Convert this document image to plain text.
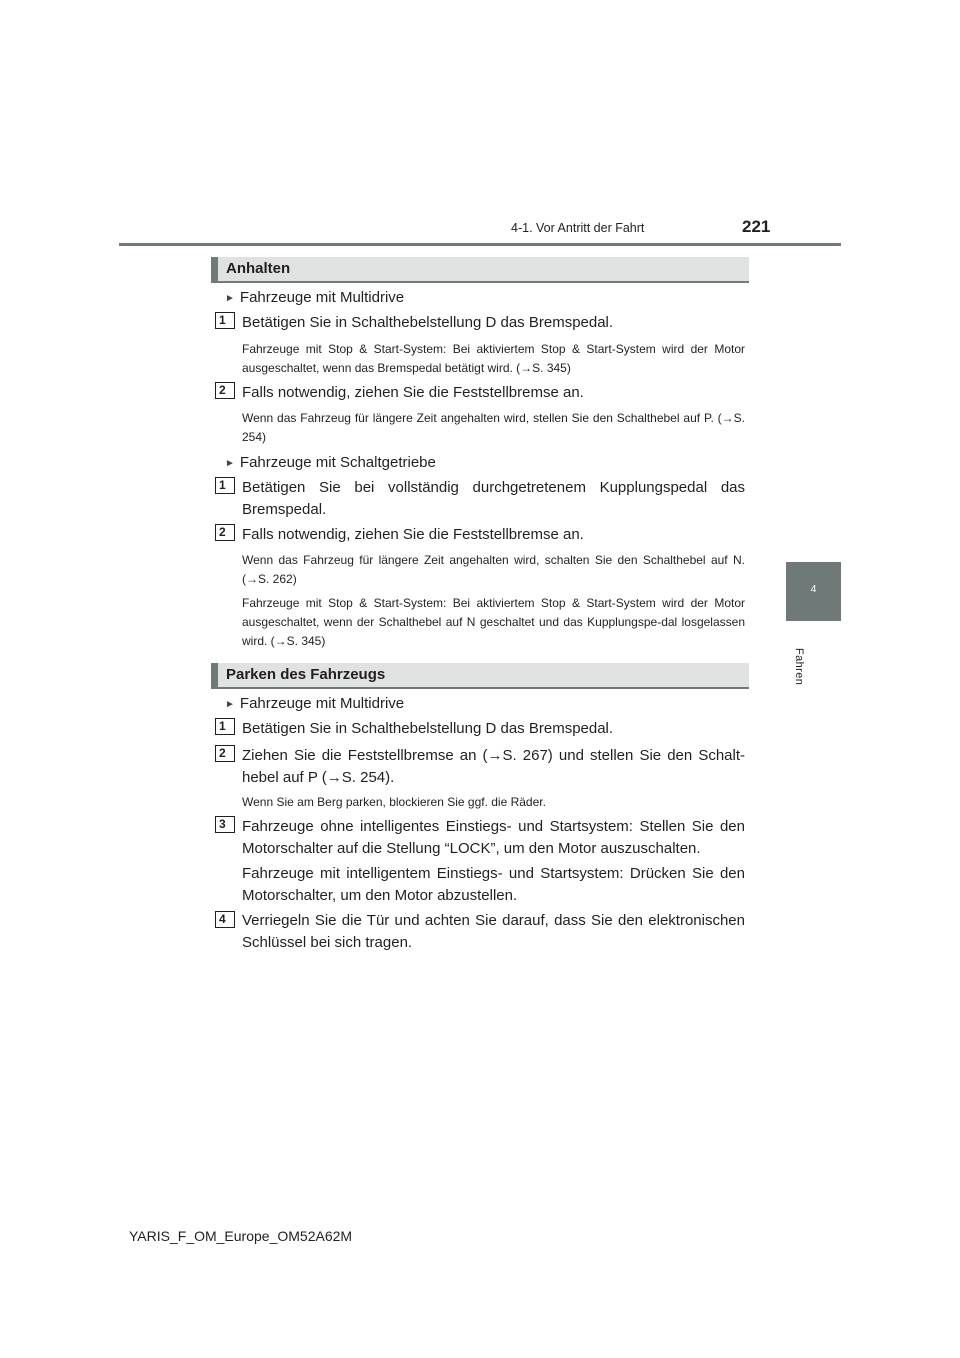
4-1. Vor Antritt der Fahrt	221
4
Fahren
Anhalten
► Fahrzeuge mit Multidrive
1	Betätigen Sie in Schalthebelstellung D das Bremspedal.
Fahrzeuge mit Stop & Start-System: Bei aktiviertem Stop & Start-System wird der Motor ausgeschaltet, wenn das Bremspedal betätigt wird. (→S. 345)
2	Falls notwendig, ziehen Sie die Feststellbremse an.
Wenn das Fahrzeug für längere Zeit angehalten wird, stellen Sie den Schalthebel auf P. (→S. 254)
► Fahrzeuge mit Schaltgetriebe
1	Betätigen Sie bei vollständig durchgetretenem Kupplungspedal das Bremspedal.
2	Falls notwendig, ziehen Sie die Feststellbremse an.
Wenn das Fahrzeug für längere Zeit angehalten wird, schalten Sie den Schalthebel auf N. (→S. 262)
Fahrzeuge mit Stop & Start-System: Bei aktiviertem Stop & Start-System wird der Motor ausgeschaltet, wenn der Schalthebel auf N geschaltet und das Kupplungspe-dal losgelassen wird. (→S. 345)
Parken des Fahrzeugs
► Fahrzeuge mit Multidrive
1	Betätigen Sie in Schalthebelstellung D das Bremspedal.
2	Ziehen Sie die Feststellbremse an (→S. 267) und stellen Sie den Schalt-hebel auf P (→S. 254).
Wenn Sie am Berg parken, blockieren Sie ggf. die Räder.
3	Fahrzeuge ohne intelligentes Einstiegs- und Startsystem: Stellen Sie den Motorschalter auf die Stellung “LOCK”, um den Motor auszuschalten.
Fahrzeuge mit intelligentem Einstiegs- und Startsystem: Drücken Sie den Motorschalter, um den Motor abzustellen.
4	Verriegeln Sie die Tür und achten Sie darauf, dass Sie den elektronischen Schlüssel bei sich tragen.
YARIS_F_OM_Europe_OM52A62M
